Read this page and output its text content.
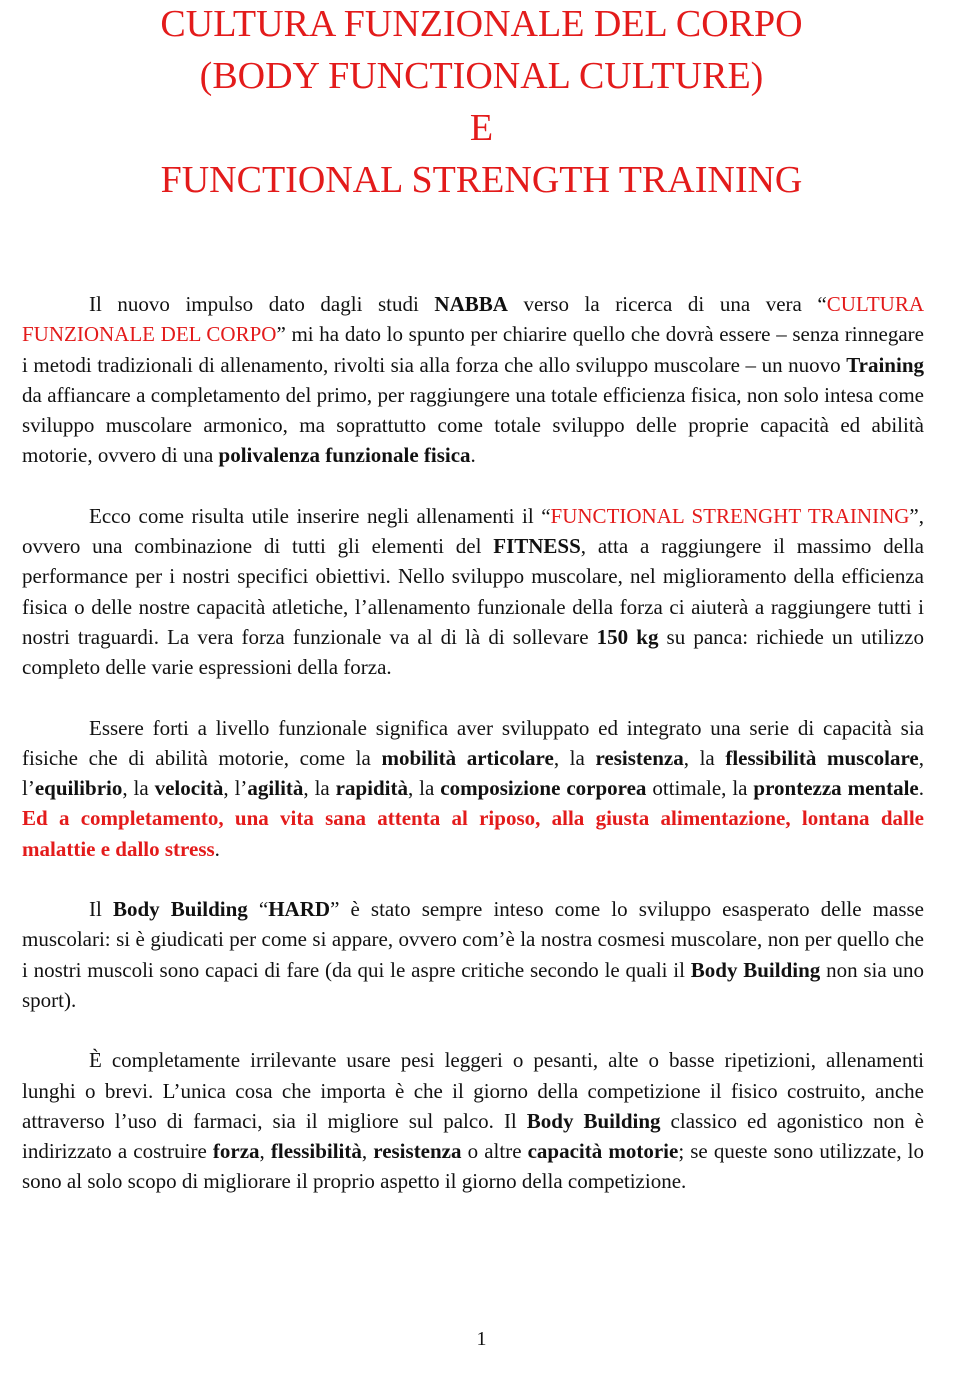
CULTURA FUNZIONALE DEL CORPO
(BODY FUNCTIONAL CULTURE)
E
FUNCTIONAL STRENGTH TRAINING

Il nuovo impulso dato dagli studi NABBA verso la ricerca di una vera “CULTURA FUNZIONALE DEL CORPO” mi ha dato lo spunto per chiarire quello che dovrà essere – senza rinnegare i metodi tradizionali di allenamento, rivolti sia alla forza che allo sviluppo muscolare – un nuovo Training da affiancare a completamento del primo, per raggiungere una totale efficienza fisica, non solo intesa come sviluppo muscolare armonico, ma soprattutto come totale sviluppo delle proprie capacità ed abilità motorie, ovvero di una polivalenza funzionale fisica.

Ecco come risulta utile inserire negli allenamenti il “FUNCTIONAL STRENGHT TRAINING”, ovvero una combinazione di tutti gli elementi del FITNESS, atta a raggiungere il massimo della performance per i nostri specifici obiettivi. Nello sviluppo muscolare, nel miglioramento della efficienza fisica o delle nostre capacità atletiche, l’allenamento funzionale della forza ci aiuterà a raggiungere tutti i nostri traguardi. La vera forza funzionale va al di là di sollevare 150 kg su panca: richiede un utilizzo completo delle varie espressioni della forza.

Essere forti a livello funzionale significa aver sviluppato ed integrato una serie di capacità sia fisiche che di abilità motorie, come la mobilità articolare, la resistenza, la flessibilità muscolare, l’equilibrio, la velocità, l’agilità, la rapidità, la composizione corporea ottimale, la prontezza mentale. Ed a completamento, una vita sana attenta al riposo, alla giusta alimentazione, lontana dalle malattie e dallo stress.

Il Body Building “HARD” è stato sempre inteso come lo sviluppo esasperato delle masse muscolari: si è giudicati per come si appare, ovvero com’è la nostra cosmesi muscolare, non per quello che i nostri muscoli sono capaci di fare (da qui le aspre critiche secondo le quali il Body Building non sia uno sport).

È completamente irrilevante usare pesi leggeri o pesanti, alte o basse ripetizioni, allenamenti lunghi o brevi. L’unica cosa che importa è che il giorno della competizione il fisico costruito, anche attraverso l’uso di farmaci, sia il migliore sul palco. Il Body Building classico ed agonistico non è indirizzato a costruire forza, flessibilità, resistenza o altre capacità motorie; se queste sono utilizzate, lo sono al solo scopo di migliorare il proprio aspetto il giorno della competizione.

1
